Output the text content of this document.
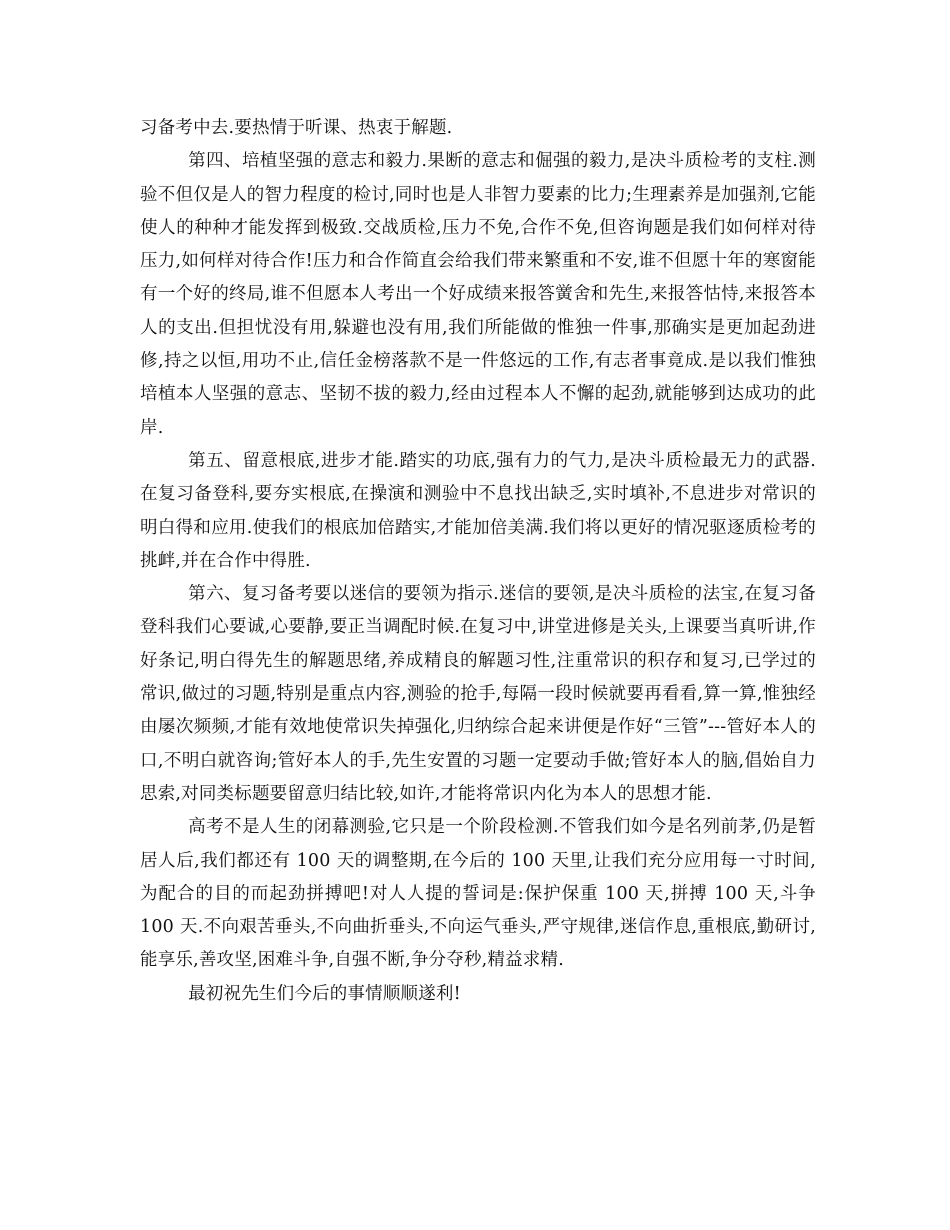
习备考中去.要热情于听课、热衷于解题.

第四、培植坚强的意志和毅力.果断的意志和倔强的毅力,是决斗质检考的支柱.测验不但仅是人的智力程度的检讨,同时也是人非智力要素的比力;生理素养是加强剂,它能使人的种种才能发挥到极致.交战质检,压力不免,合作不免,但咨询题是我们如何样对待压力,如何样对待合作!压力和合作简直会给我们带来繁重和不安,谁不但愿十年的寒窗能有一个好的终局,谁不但愿本人考出一个好成绩来报答黉舍和先生,来报答怙恃,来报答本人的支出.但担忧没有用,躲避也没有用,我们所能做的惟独一件事,那确实是更加起劲进修,持之以恒,用功不止,信任金榜落款不是一件悠远的工作,有志者事竟成.是以我们惟独培植本人坚强的意志、坚韧不拔的毅力,经由过程本人不懈的起劲,就能够到达成功的此岸.

第五、留意根底,进步才能.踏实的功底,强有力的气力,是决斗质检最无力的武器.在复习备登科,要夯实根底,在操演和测验中不息找出缺乏,实时填补,不息进步对常识的明白得和应用.使我们的根底加倍踏实,才能加倍美满.我们将以更好的情况驱逐质检考的挑衅,并在合作中得胜.

第六、复习备考要以迷信的要领为指示.迷信的要领,是决斗质检的法宝,在复习备登科我们心要诚,心要静,要正当调配时候.在复习中,讲堂进修是关头,上课要当真听讲,作好条记,明白得先生的解题思绪,养成精良的解题习性,注重常识的积存和复习,已学过的常识,做过的习题,特别是重点内容,测验的抢手,每隔一段时候就要再看看,算一算,惟独经由屡次频频,才能有效地使常识失掉强化,归纳综合起来讲便是作好“三管”---管好本人的口,不明白就咨询;管好本人的手,先生安置的习题一定要动手做;管好本人的脑,倡始自力思索,对同类标题要留意归结比较,如许,才能将常识内化为本人的思想才能.

高考不是人生的闭幕测验,它只是一个阶段检测.不管我们如今是名列前茅,仍是暂居人后,我们都还有 100 天的调整期,在今后的 100 天里,让我们充分应用每一寸时间,为配合的目的而起劲拼搏吧!对人人提的誓词是:保护保重 100 天,拼搏 100 天,斗争 100 天.不向艰苦垂头,不向曲折垂头,不向运气垂头,严守规律,迷信作息,重根底,勤研讨,能享乐,善攻坚,困难斗争,自强不断,争分夺秒,精益求精.

最初祝先生们今后的事情顺顺遂利!
